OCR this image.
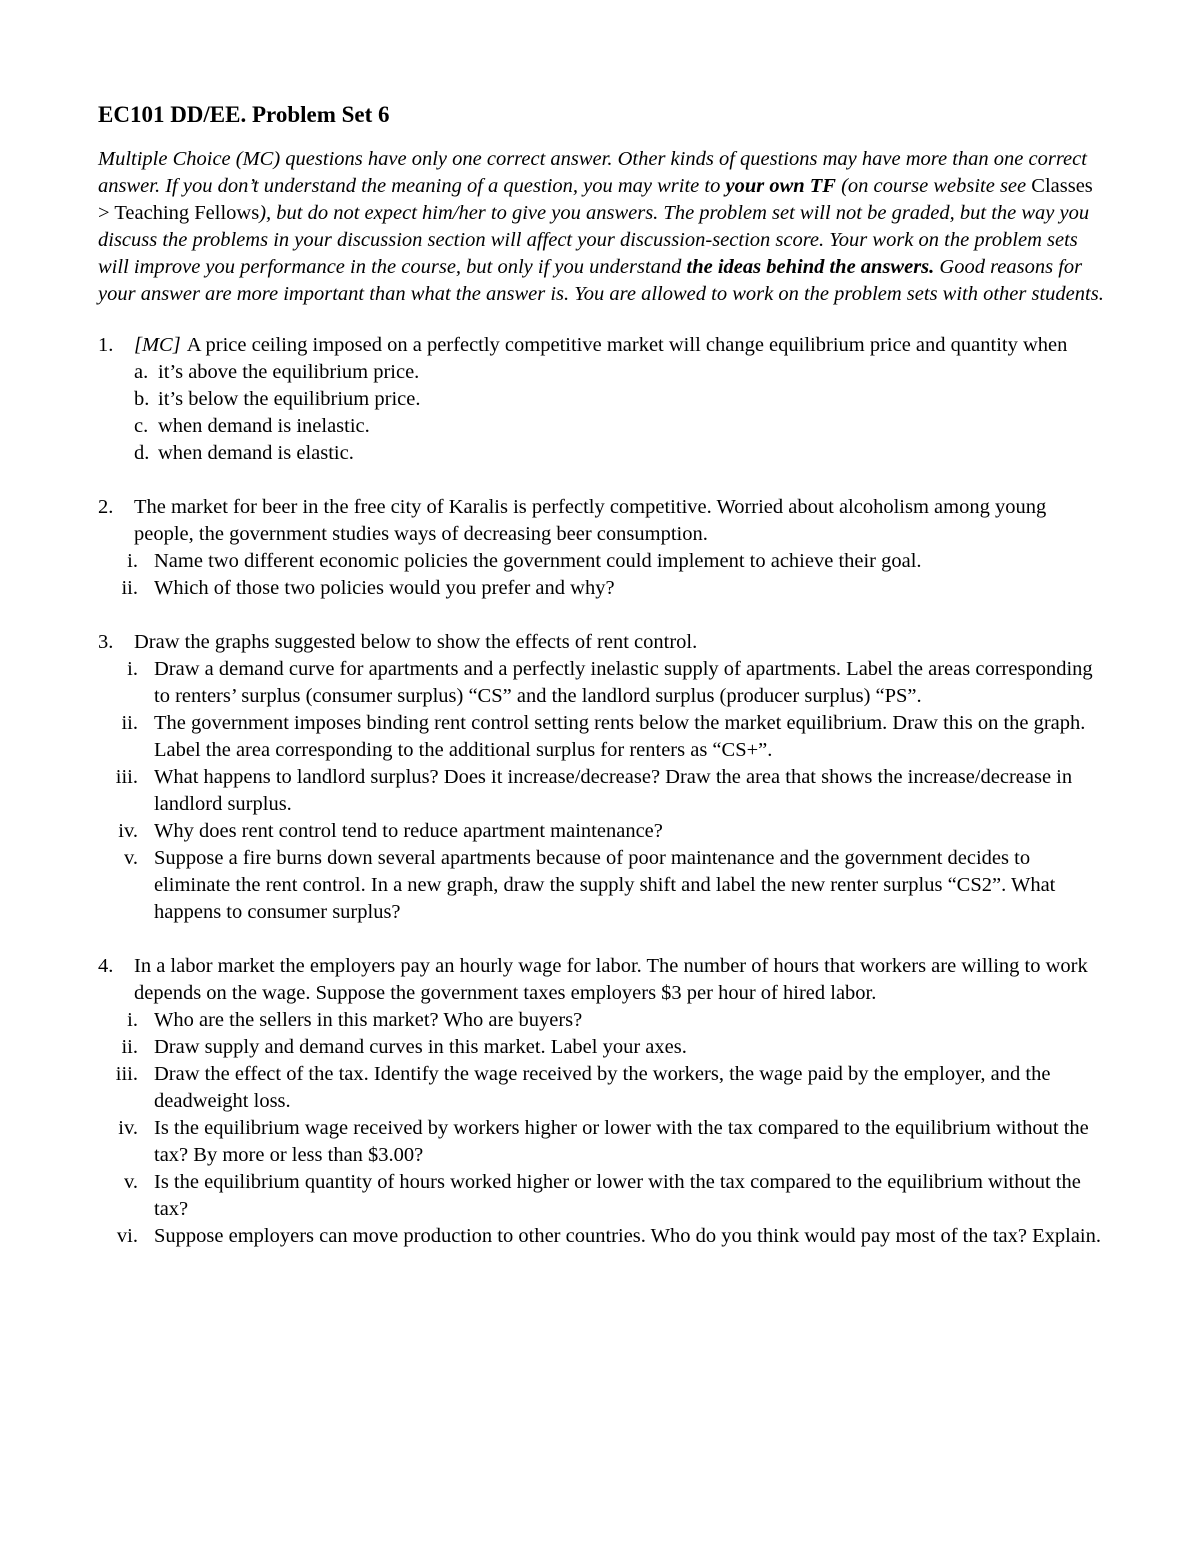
EC101 DD/EE. Problem Set 6

Multiple Choice (MC) questions have only one correct answer. Other kinds of questions may have more than one correct answer. If you don’t understand the meaning of a question, you may write to your own TF (on course website see Classes > Teaching Fellows), but do not expect him/her to give you answers. The problem set will not be graded, but the way you discuss the problems in your discussion section will affect your discussion-section score. Your work on the problem sets will improve you performance in the course, but only if you understand the ideas behind the answers. Good reasons for your answer are more important than what the answer is. You are allowed to work on the problem sets with other students.

1.	[MC] A price ceiling imposed on a perfectly competitive market will change equilibrium price and quantity when
a. it’s above the equilibrium price.
b. it’s below the equilibrium price.
c. when demand is inelastic.
d. when demand is elastic.
2.	The market for beer in the free city of Karalis is perfectly competitive. Worried about alcoholism among young people, the government studies ways of decreasing beer consumption.
i. Name two different economic policies the government could implement to achieve their goal.
ii. Which of those two policies would you prefer and why?
3.	Draw the graphs suggested below to show the effects of rent control.
i. Draw a demand curve for apartments and a perfectly inelastic supply of apartments. Label the areas corresponding to renters’ surplus (consumer surplus) “CS” and the landlord surplus (producer surplus) “PS”.
ii. The government imposes binding rent control setting rents below the market equilibrium. Draw this on the graph. Label the area corresponding to the additional surplus for renters as “CS+”.
iii. What happens to landlord surplus? Does it increase/decrease? Draw the area that shows the increase/decrease in landlord surplus.
iv. Why does rent control tend to reduce apartment maintenance?
v. Suppose a fire burns down several apartments because of poor maintenance and the government decides to eliminate the rent control. In a new graph, draw the supply shift and label the new renter surplus “CS2”. What happens to consumer surplus?
4.	In a labor market the employers pay an hourly wage for labor. The number of hours that workers are willing to work depends on the wage. Suppose the government taxes employers $3 per hour of hired labor.
i. Who are the sellers in this market? Who are buyers?
ii. Draw supply and demand curves in this market. Label your axes.
iii. Draw the effect of the tax. Identify the wage received by the workers, the wage paid by the employer, and the deadweight loss.
iv. Is the equilibrium wage received by workers higher or lower with the tax compared to the equilibrium without the tax? By more or less than $3.00?
v. Is the equilibrium quantity of hours worked higher or lower with the tax compared to the equilibrium without the tax?
vi. Suppose employers can move production to other countries. Who do you think would pay most of the tax? Explain.
